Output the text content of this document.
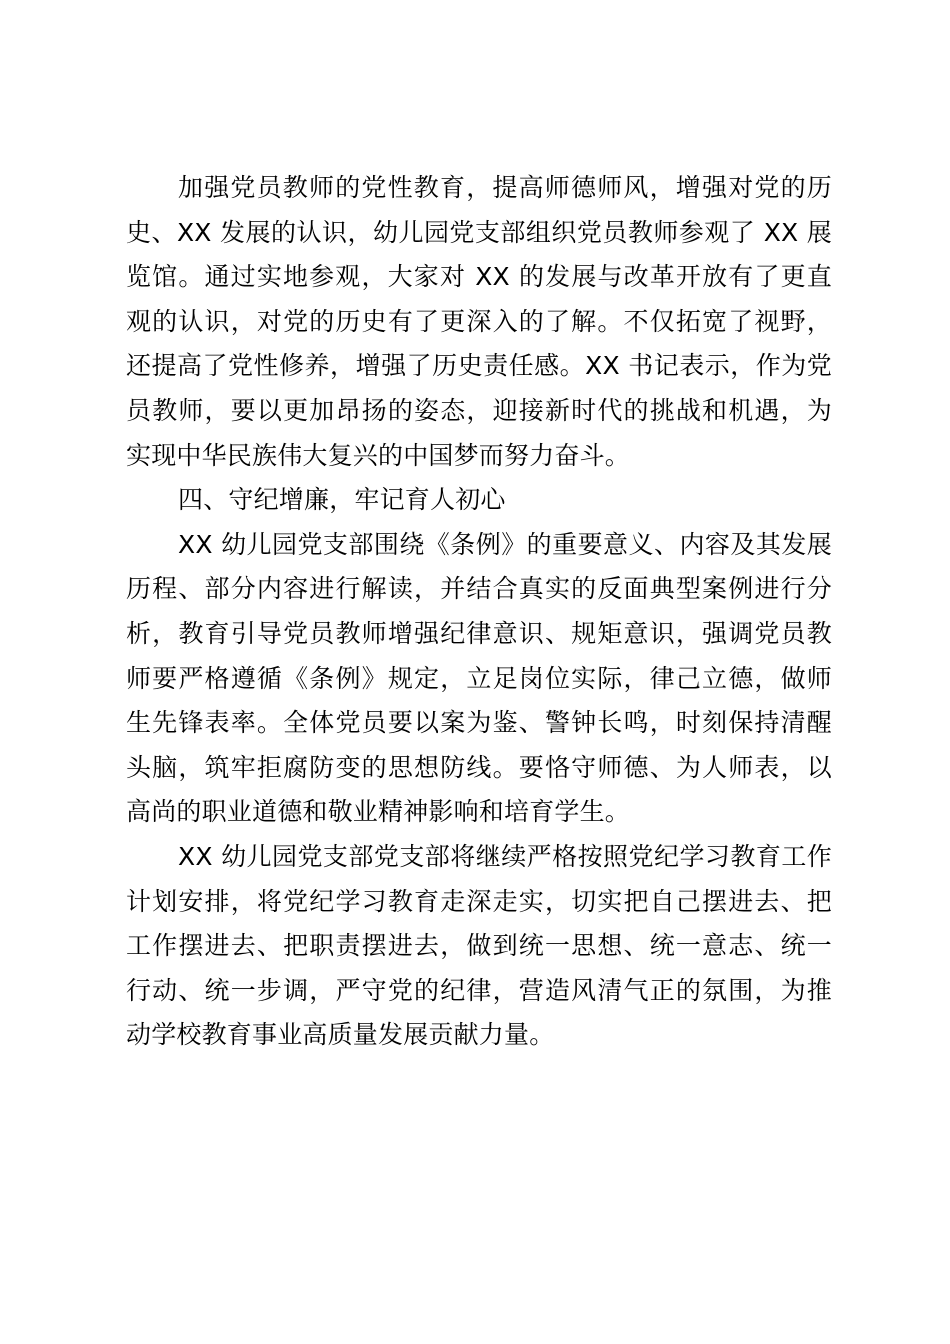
加强党员教师的党性教育，提高师德师风，增强对党的历
史、XX 发展的认识，幼儿园党支部组织党员教师参观了 XX 展
览馆。通过实地参观，大家对 XX 的发展与改革开放有了更直
观的认识，对党的历史有了更深入的了解。不仅拓宽了视野，
还提高了党性修养，增强了历史责任感。XX 书记表示，作为党
员教师，要以更加昂扬的姿态，迎接新时代的挑战和机遇，为
实现中华民族伟大复兴的中国梦而努力奋斗。
四、守纪增廉，牢记育人初心
XX 幼儿园党支部围绕《条例》的重要意义、内容及其发展
历程、部分内容进行解读，并结合真实的反面典型案例进行分
析，教育引导党员教师增强纪律意识、规矩意识，强调党员教
师要严格遵循《条例》规定，立足岗位实际，律己立德，做师
生先锋表率。全体党员要以案为鉴、警钟长鸣，时刻保持清醒
头脑，筑牢拒腐防变的思想防线。要恪守师德、为人师表，以
高尚的职业道德和敬业精神影响和培育学生。
XX 幼儿园党支部党支部将继续严格按照党纪学习教育工作
计划安排，将党纪学习教育走深走实，切实把自己摆进去、把
工作摆进去、把职责摆进去，做到统一思想、统一意志、统一
行动、统一步调，严守党的纪律，营造风清气正的氛围，为推
动学校教育事业高质量发展贡献力量。
